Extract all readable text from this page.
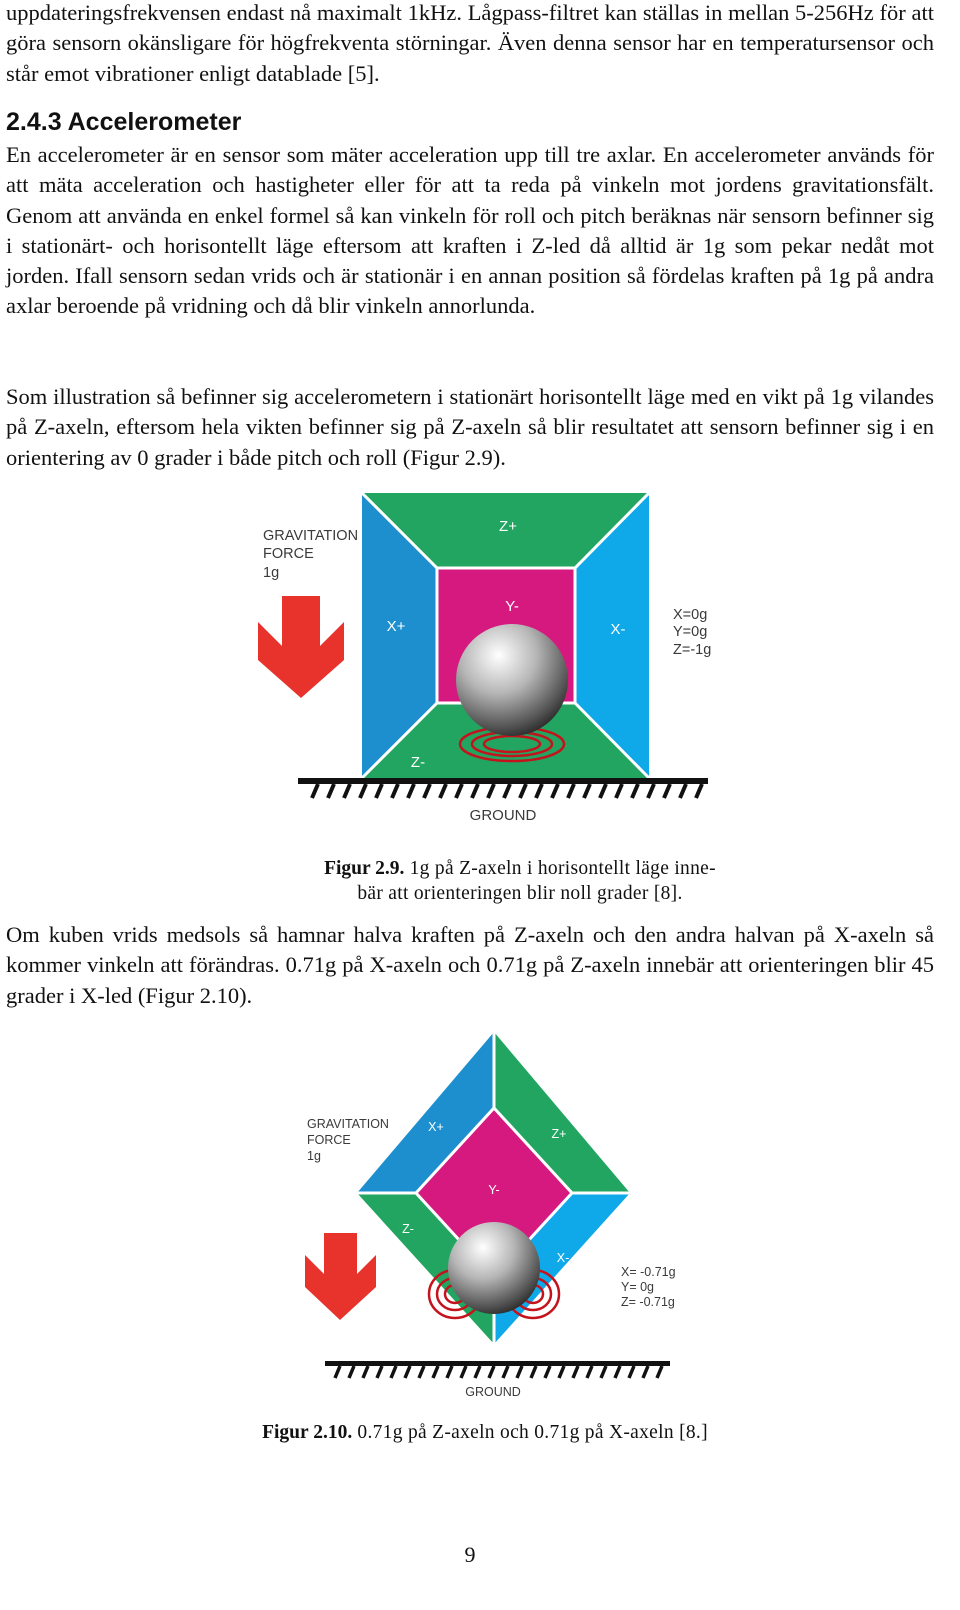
uppdateringsfrekvensen endast nå maximalt 1kHz. Lågpass-filtret kan ställas in mellan 5-256Hz för att göra sensorn okänsligare för högfrekventa störningar. Även denna sensor har en temperatursensor och står emot vibrationer enligt datablade [5].

2.4.3 Accelerometer

En accelerometer är en sensor som mäter acceleration upp till tre axlar. En accelerometer används för att mäta acceleration och hastigheter eller för att ta reda på vinkeln mot jordens gravitationsfält. Genom att använda en enkel formel så kan vinkeln för roll och pitch beräknas när sensorn befinner sig i stationärt- och horisontellt läge eftersom att kraften i Z-led då alltid är 1g som pekar nedåt mot jorden. Ifall sensorn sedan vrids och är stationär i en annan position så fördelas kraften på 1g på andra axlar beroende på vridning och då blir vinkeln annorlunda.

Som illustration så befinner sig accelerometern i stationärt horisontellt läge med en vikt på 1g vilandes på Z-axeln, eftersom hela vikten befinner sig på Z-axeln så blir resultatet att sensorn befinner sig i en orientering av 0 grader i både pitch och roll (Figur 2.9).

Z+
Y-
X+	X-
Z-
GRAVITATION
FORCE
1g
X=0g
Y=0g
Z=-1g
GROUND
Figur 2.9. 1g på Z-axeln i horisontellt läge inne-
bär att orienteringen blir noll grader [8].

Om kuben vrids medsols så hamnar halva kraften på Z-axeln och den andra halvan på X-axeln så kommer vinkeln att förändras. 0.71g på X-axeln och 0.71g på Z-axeln innebär att orienteringen blir 45 grader i X-led (Figur 2.10).

X+	Z+
Y-
Z-
X-
GRAVITATION
FORCE
1g
X= -0.71g
Y= 0g
Z= -0.71g
GROUND
Figur 2.10. 0.71g på Z-axeln och 0.71g på X-axeln [8.]
9
